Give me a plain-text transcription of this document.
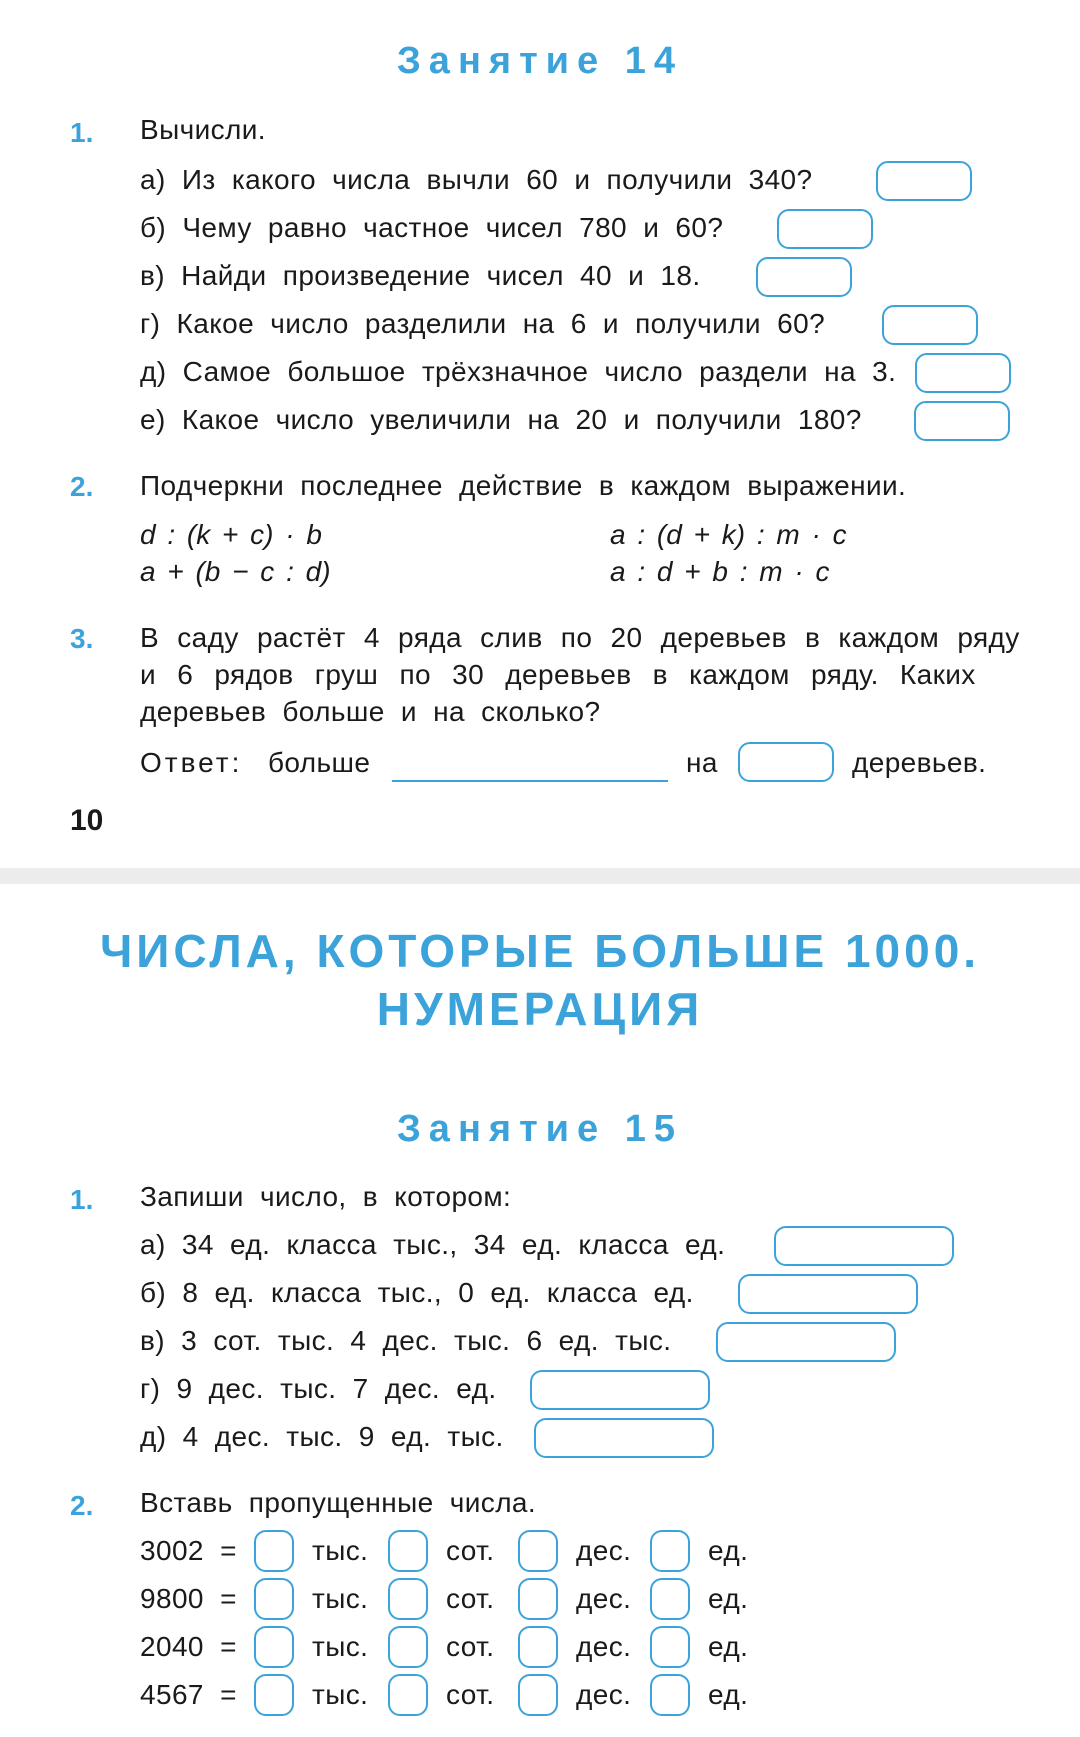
Занятие 14
1. Вычисли.
а) Из какого числа вычли 60 и получили 340?
б) Чему равно частное чисел 780 и 60?
в) Найди произведение чисел 40 и 18.
г) Какое число разделили на 6 и получили 60?
д) Самое большое трёхзначное число раздели на 3.
е) Какое число увеличили на 20 и получили 180?
2. Подчеркни последнее действие в каждом выражении.
d : (k + c) · b	a : (d + k) : m · c
a + (b − c : d)	a : d + b : m · c
3. В саду растёт 4 ряда слив по 20 деревьев в каждом ряду
и 6 рядов груш по 30 деревьев в каждом ряду. Каких
деревьев больше и на сколько?
Ответ: больше	на	деревьев.
10
ЧИСЛА, КОТОРЫЕ БОЛЬШЕ 1000.
НУМЕРАЦИЯ
Занятие 15
1. Запиши число, в котором:
а) 34 ед. класса тыс., 34 ед. класса ед.
б) 8 ед. класса тыс., 0 ед. класса ед.
в) 3 сот. тыс. 4 дес. тыс. 6 ед. тыс.
г) 9 дес. тыс. 7 дес. ед.
д) 4 дес. тыс. 9 ед. тыс.
2. Вставь пропущенные числа.
3002 =	тыс.	сот.	дес.	ед.
9800 =	тыс.	сот.	дес.	ед.
2040 =	тыс.	сот.	дес.	ед.
4567 =	тыс.	сот.	дес.	ед.
